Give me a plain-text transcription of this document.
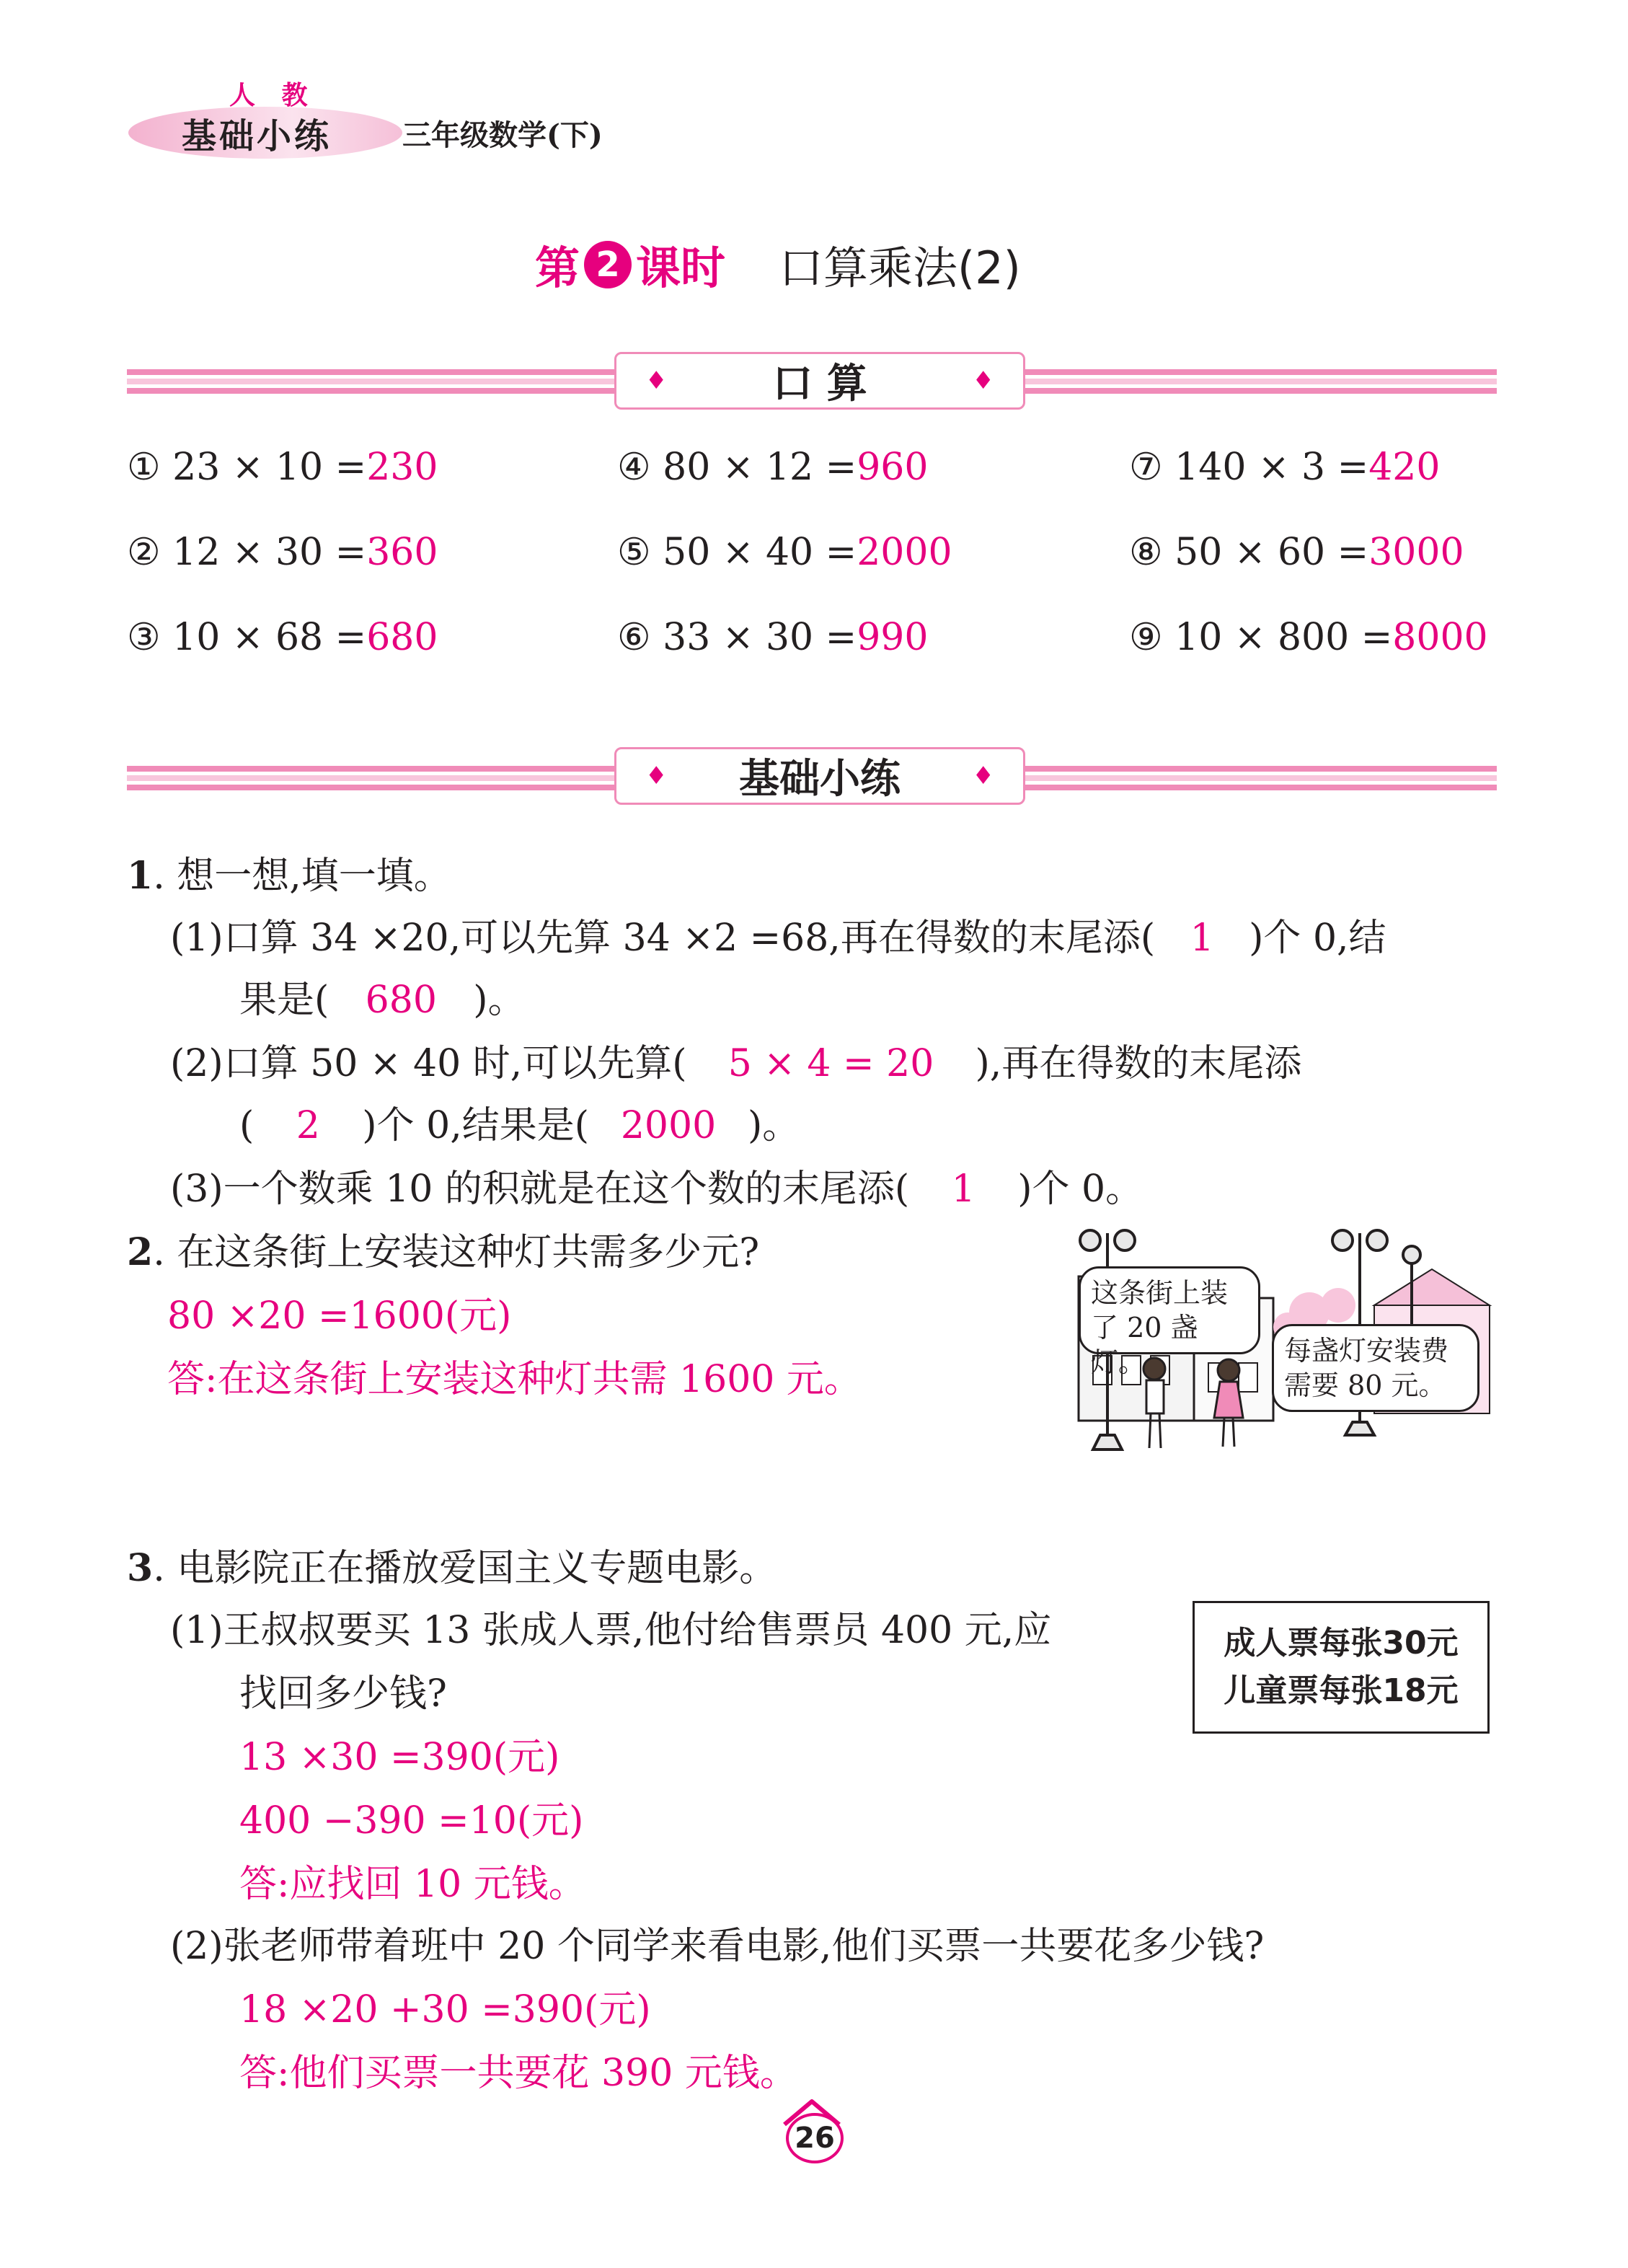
人 教
基础小练 三年级数学(下)
第 2 课时 口算乘法(2)
♦	口 算	♦
① 23 × 10 =230	④ 80 × 12 =960	⑦ 140 × 3 =420
② 12 × 30 =360	⑤ 50 × 40 =2000	⑧ 50 × 60 =3000
③ 10 × 68 =680	⑥ 33 × 30 =990	⑨ 10 × 800 =8000
♦ 基础小练	♦
1. 想一想,填一填。
(1)口算 34 ×20,可以先算 34 ×2 =68,再在得数的末尾添( 1 )个 0,结
果是( 680 )。
(2)口算 50 × 40 时,可以先算( 5 × 4 = 20 ),再在得数的末尾添
( 2 )个 0,结果是( 2000 )。
(3)一个数乘 10 的积就是在这个数的末尾添( 1 )个 0。
2. 在这条街上安装这种灯共需多少元?
80 ×20 =1600(元)
答:在这条街上安装这种灯共需 1600 元。
这条街上装
了 20 盏灯。	每盏灯安装费
需要 80 元。
3. 电影院正在播放爱国主义专题电影。
(1)王叔叔要买 13 张成人票,他付给售票员 400 元,应
找回多少钱?
13 ×30 =390(元)
400 −390 =10(元)
答:应找回 10 元钱。
(2)张老师带着班中 20 个同学来看电影,他们买票一共要花多少钱?
18 ×20 +30 =390(元)
答:他们买票一共要花 390 元钱。
成人票每张30元
儿童票每张18元
26
